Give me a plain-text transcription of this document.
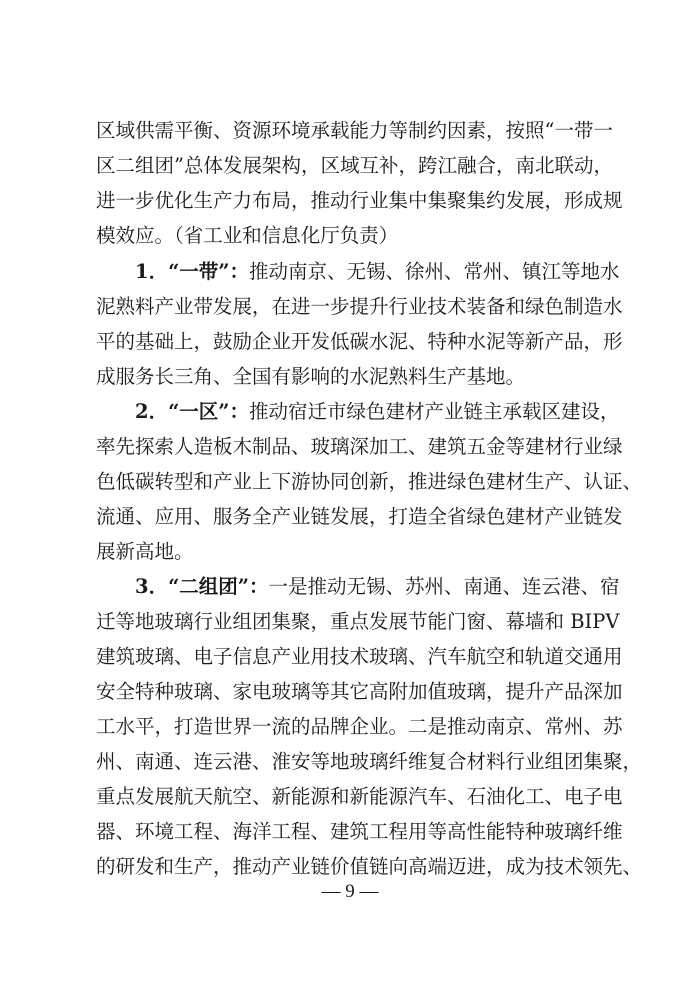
区域供需平衡、资源环境承载能力等制约因素，按照“一带一
区二组团”总体发展架构，区域互补，跨江融合，南北联动，
进一步优化生产力布局，推动行业集中集聚集约发展，形成规
模效应。（省工业和信息化厅负责）
1．“一带”：推动南京、无锡、徐州、常州、镇江等地水
泥熟料产业带发展，在进一步提升行业技术装备和绿色制造水
平的基础上，鼓励企业开发低碳水泥、特种水泥等新产品，形
成服务长三角、全国有影响的水泥熟料生产基地。
2．“一区”：推动宿迁市绿色建材产业链主承载区建设，
率先探索人造板木制品、玻璃深加工、建筑五金等建材行业绿
色低碳转型和产业上下游协同创新，推进绿色建材生产、认证、
流通、应用、服务全产业链发展，打造全省绿色建材产业链发
展新高地。
3．“二组团”：一是推动无锡、苏州、南通、连云港、宿
迁等地玻璃行业组团集聚，重点发展节能门窗、幕墙和 BIPV
建筑玻璃、电子信息产业用技术玻璃、汽车航空和轨道交通用
安全特种玻璃、家电玻璃等其它高附加值玻璃，提升产品深加
工水平，打造世界一流的品牌企业。二是推动南京、常州、苏
州、南通、连云港、淮安等地玻璃纤维复合材料行业组团集聚，
重点发展航天航空、新能源和新能源汽车、石油化工、电子电
器、环境工程、海洋工程、建筑工程用等高性能特种玻璃纤维
的研发和生产，推动产业链价值链向高端迈进，成为技术领先、
— 9 —
